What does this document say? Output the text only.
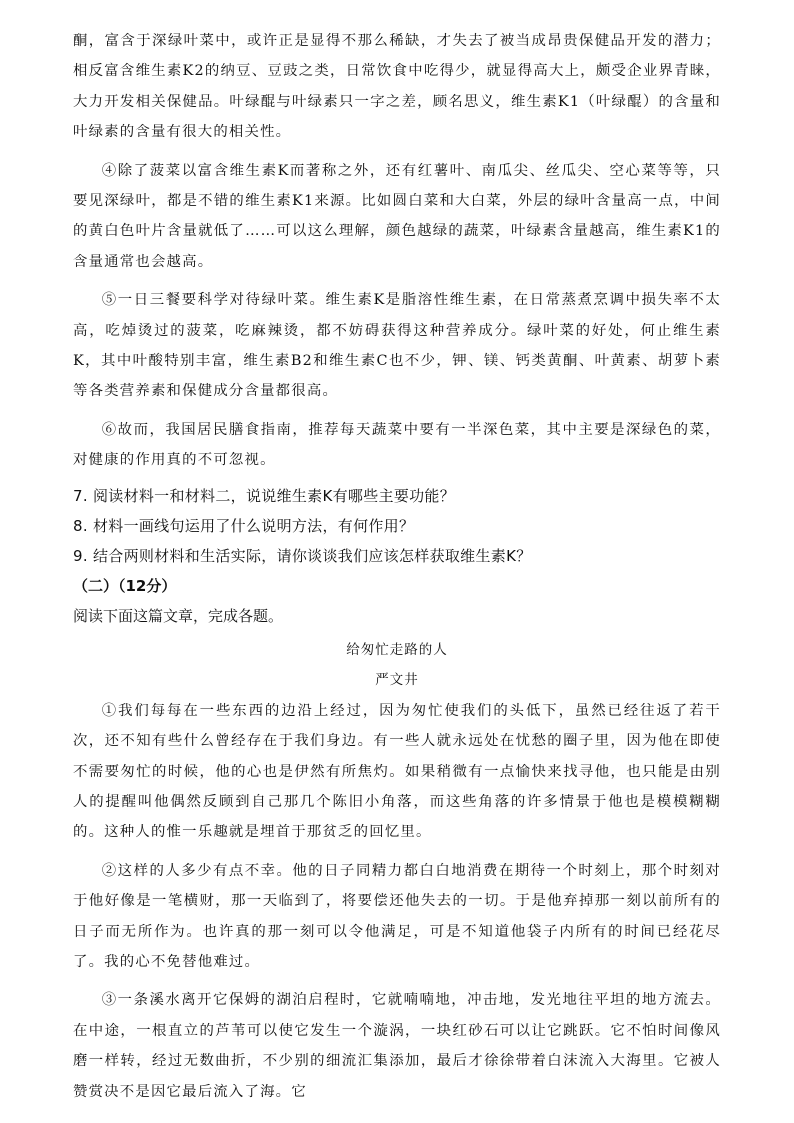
酮，富含于深绿叶菜中，或许正是显得不那么稀缺，才失去了被当成昂贵保健品开发的潜力；相反富含维生素K2的纳豆、豆豉之类，日常饮食中吃得少，就显得高大上，颇受企业界青睐，大力开发相关保健品。叶绿醌与叶绿素只一字之差，顾名思义，维生素K1（叶绿醌）的含量和叶绿素的含量有很大的相关性。

④除了菠菜以富含维生素K而著称之外，还有红薯叶、南瓜尖、丝瓜尖、空心菜等等，只要见深绿叶，都是不错的维生素K1来源。比如圆白菜和大白菜，外层的绿叶含量高一点，中间的黄白色叶片含量就低了……可以这么理解，颜色越绿的蔬菜，叶绿素含量越高，维生素K1的含量通常也会越高。

⑤一日三餐要科学对待绿叶菜。维生素K是脂溶性维生素，在日常蒸煮烹调中损失率不太高，吃焯烫过的菠菜，吃麻辣烫，都不妨碍获得这种营养成分。绿叶菜的好处，何止维生素K，其中叶酸特别丰富，维生素B2和维生素C也不少，钾、镁、钙类黄酮、叶黄素、胡萝卜素等各类营养素和保健成分含量都很高。

⑥故而，我国居民膳食指南，推荐每天蔬菜中要有一半深色菜，其中主要是深绿色的菜，对健康的作用真的不可忽视。

7. 阅读材料一和材料二，说说维生素K有哪些主要功能？
8. 材料一画线句运用了什么说明方法，有何作用？
9. 结合两则材料和生活实际，请你谈谈我们应该怎样获取维生素K？
（二）（12分）
阅读下面这篇文章，完成各题。
给匆忙走路的人
严文井

①我们每每在一些东西的边沿上经过，因为匆忙使我们的头低下，虽然已经往返了若干次，还不知有些什么曾经存在于我们身边。有一些人就永远处在忧愁的圈子里，因为他在即使不需要匆忙的时候，他的心也是伊然有所焦灼。如果稍微有一点愉快来找寻他，也只能是由别人的提醒叫他偶然反顾到自己那几个陈旧小角落，而这些角落的许多情景于他也是模模糊糊的。这种人的惟一乐趣就是埋首于那贫乏的回忆里。

②这样的人多少有点不幸。他的日子同精力都白白地消费在期待一个时刻上，那个时刻对于他好像是一笔横财，那一天临到了，将要偿还他失去的一切。于是他弃掉那一刻以前所有的日子而无所作为。也许真的那一刻可以令他满足，可是不知道他袋子内所有的时间已经花尽了。我的心不免替他难过。

③一条溪水离开它保姆的湖泊启程时，它就喃喃地，冲击地，发光地往平坦的地方流去。在中途，一根直立的芦苇可以使它发生一个漩涡，一块红砂石可以让它跳跃。它不怕时间像风磨一样转，经过无数曲折，不少别的细流汇集添加，最后才徐徐带着白沫流入大海里。它被人赞赏决不是因它最后流入了海。它
